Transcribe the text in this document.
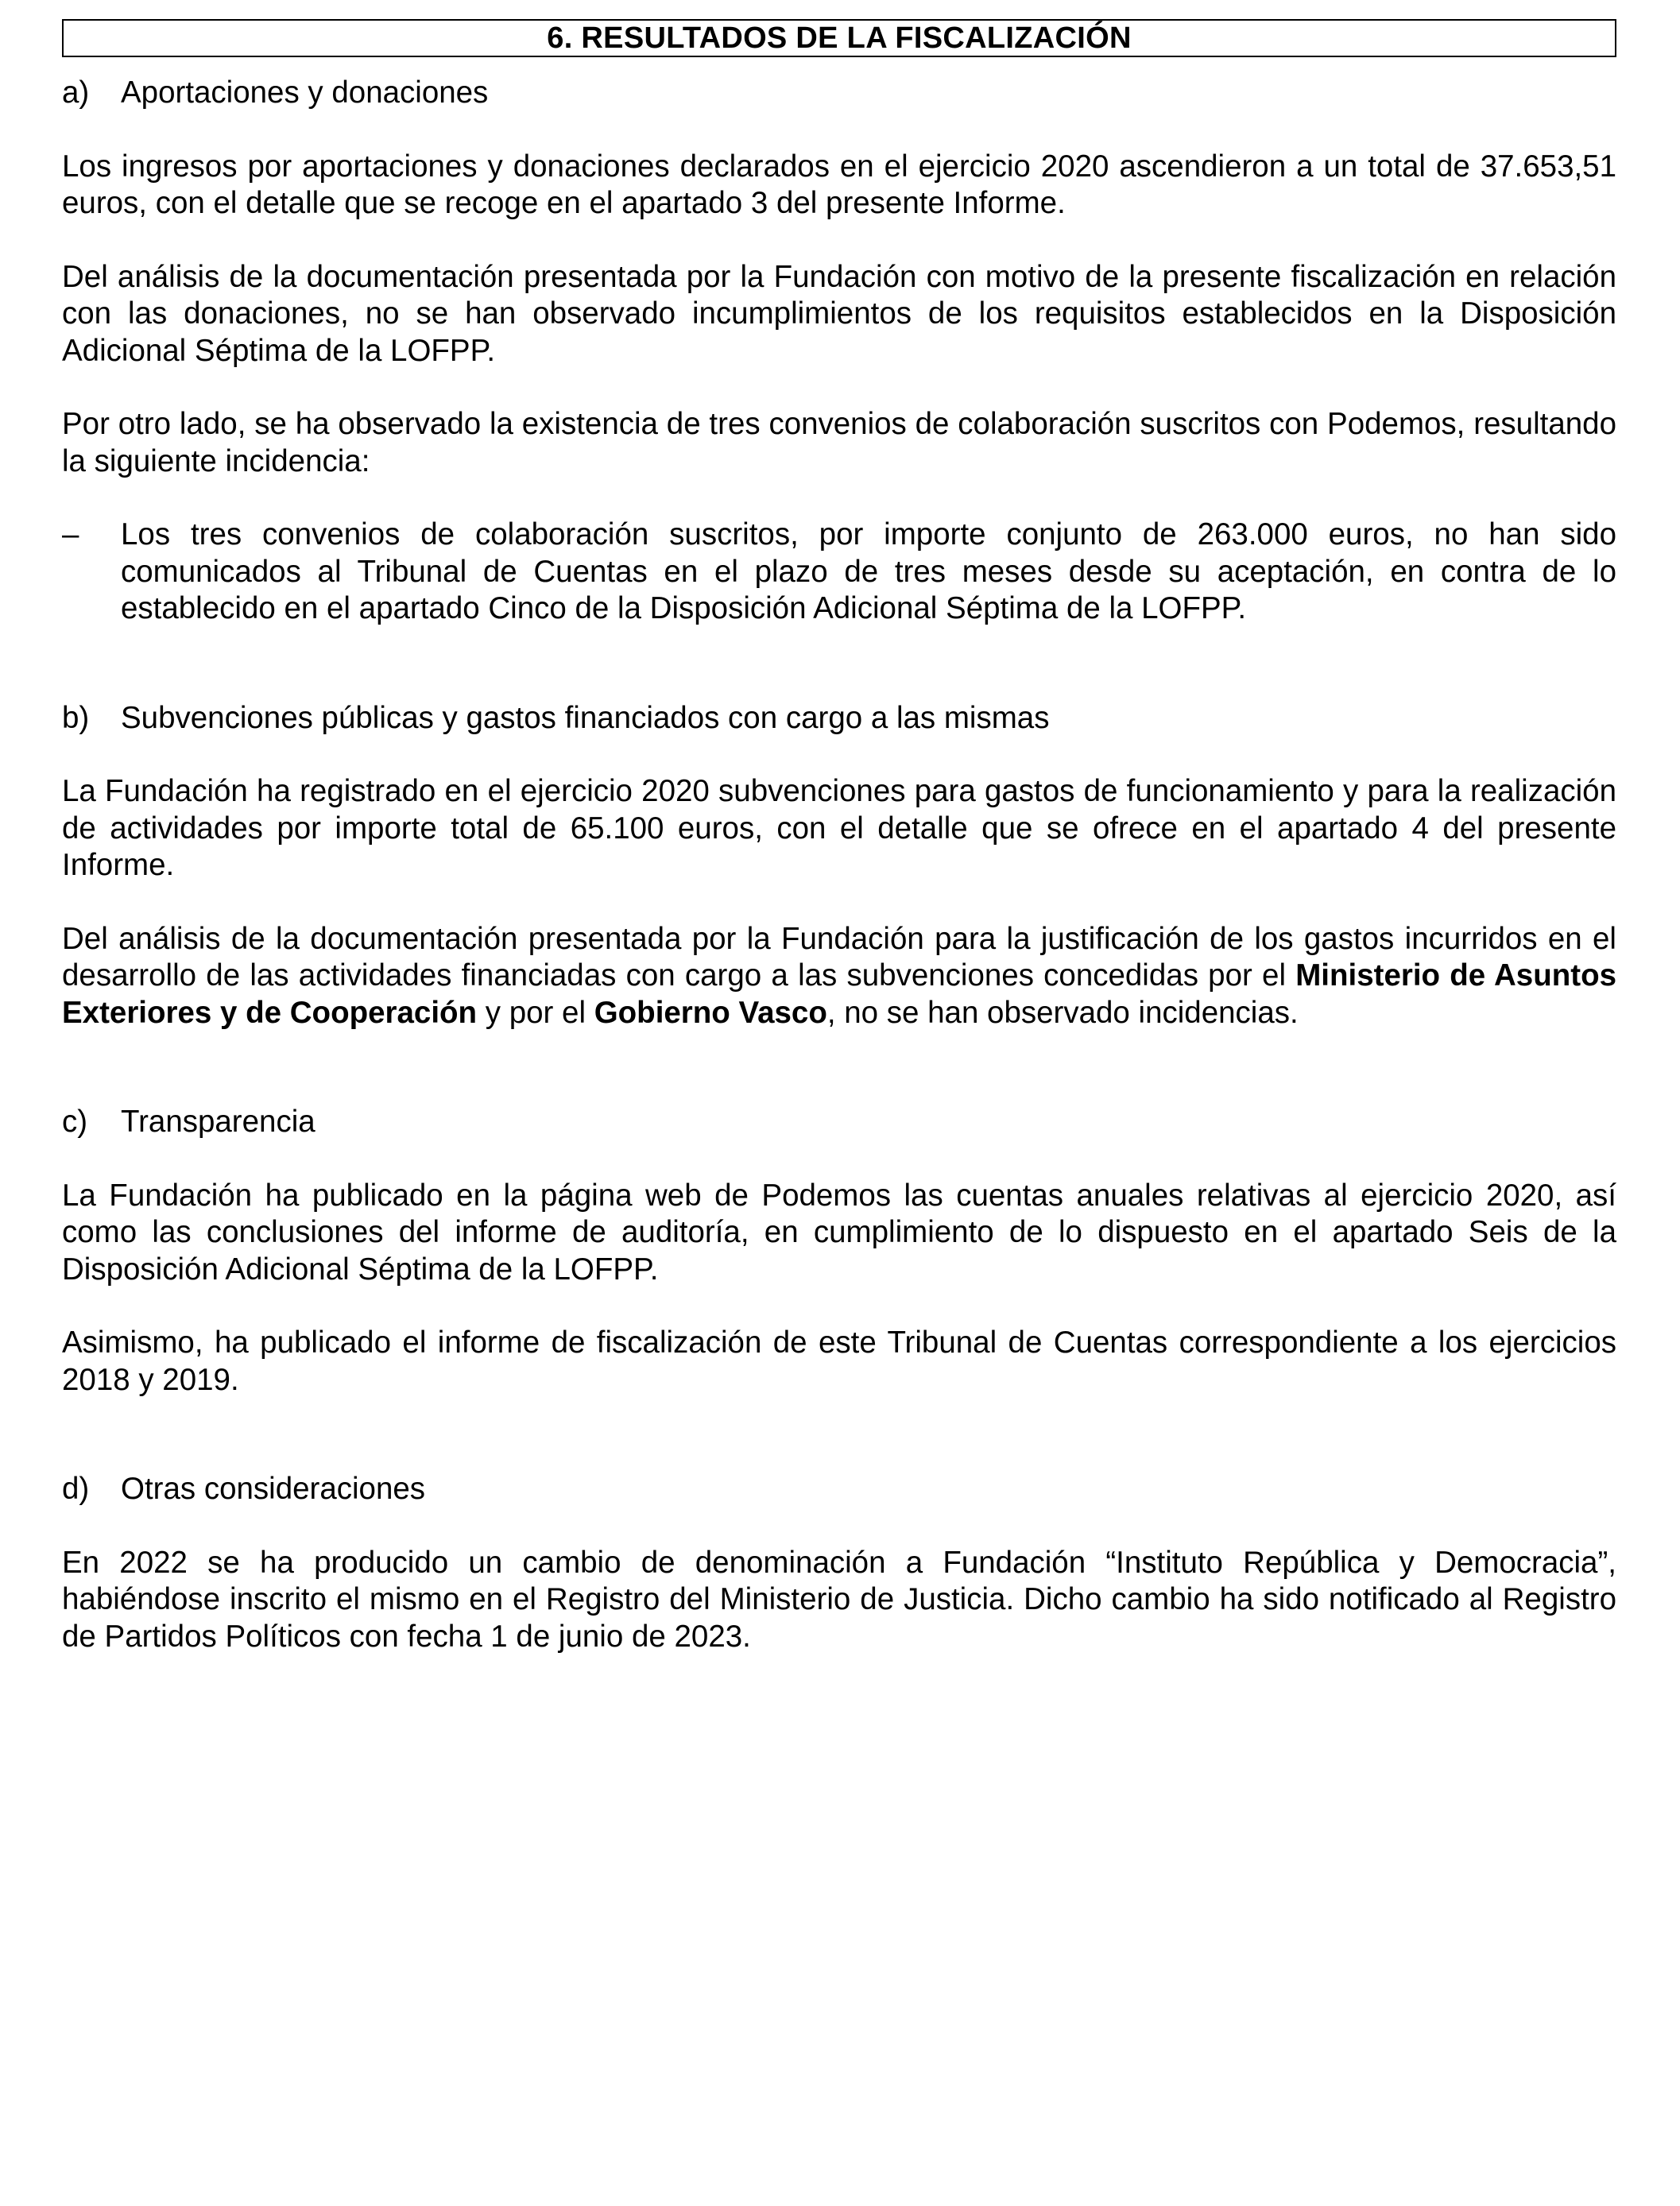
6. RESULTADOS DE LA FISCALIZACIÓN
a)	Aportaciones y donaciones

Los ingresos por aportaciones y donaciones declarados en el ejercicio 2020 ascendieron a un total de 37.653,51 euros, con el detalle que se recoge en el apartado 3 del presente Informe.

Del análisis de la documentación presentada por la Fundación con motivo de la presente fiscalización en relación con las donaciones, no se han observado incumplimientos de los requisitos establecidos en la Disposición Adicional Séptima de la LOFPP.

Por otro lado, se ha observado la existencia de tres convenios de colaboración suscritos con Podemos, resultando la siguiente incidencia:

–	Los tres convenios de colaboración suscritos, por importe conjunto de 263.000 euros, no han sido comunicados al Tribunal de Cuentas en el plazo de tres meses desde su aceptación, en contra de lo establecido en el apartado Cinco de la Disposición Adicional Séptima de la LOFPP.
b)	Subvenciones públicas y gastos financiados con cargo a las mismas

La Fundación ha registrado en el ejercicio 2020 subvenciones para gastos de funcionamiento y para la realización de actividades por importe total de 65.100 euros, con el detalle que se ofrece en el apartado 4 del presente Informe.

Del análisis de la documentación presentada por la Fundación para la justificación de los gastos incurridos en el desarrollo de las actividades financiadas con cargo a las subvenciones concedidas por el Ministerio de Asuntos Exteriores y de Cooperación y por el Gobierno Vasco, no se han observado incidencias.

c)	Transparencia

La Fundación ha publicado en la página web de Podemos las cuentas anuales relativas al ejercicio 2020, así como las conclusiones del informe de auditoría, en cumplimiento de lo dispuesto en el apartado Seis de la Disposición Adicional Séptima de la LOFPP.

Asimismo, ha publicado el informe de fiscalización de este Tribunal de Cuentas correspondiente a los ejercicios 2018 y 2019.

d)	Otras consideraciones

En 2022 se ha producido un cambio de denominación a Fundación “Instituto República y Democracia”, habiéndose inscrito el mismo en el Registro del Ministerio de Justicia. Dicho cambio ha sido notificado al Registro de Partidos Políticos con fecha 1 de junio de 2023.
